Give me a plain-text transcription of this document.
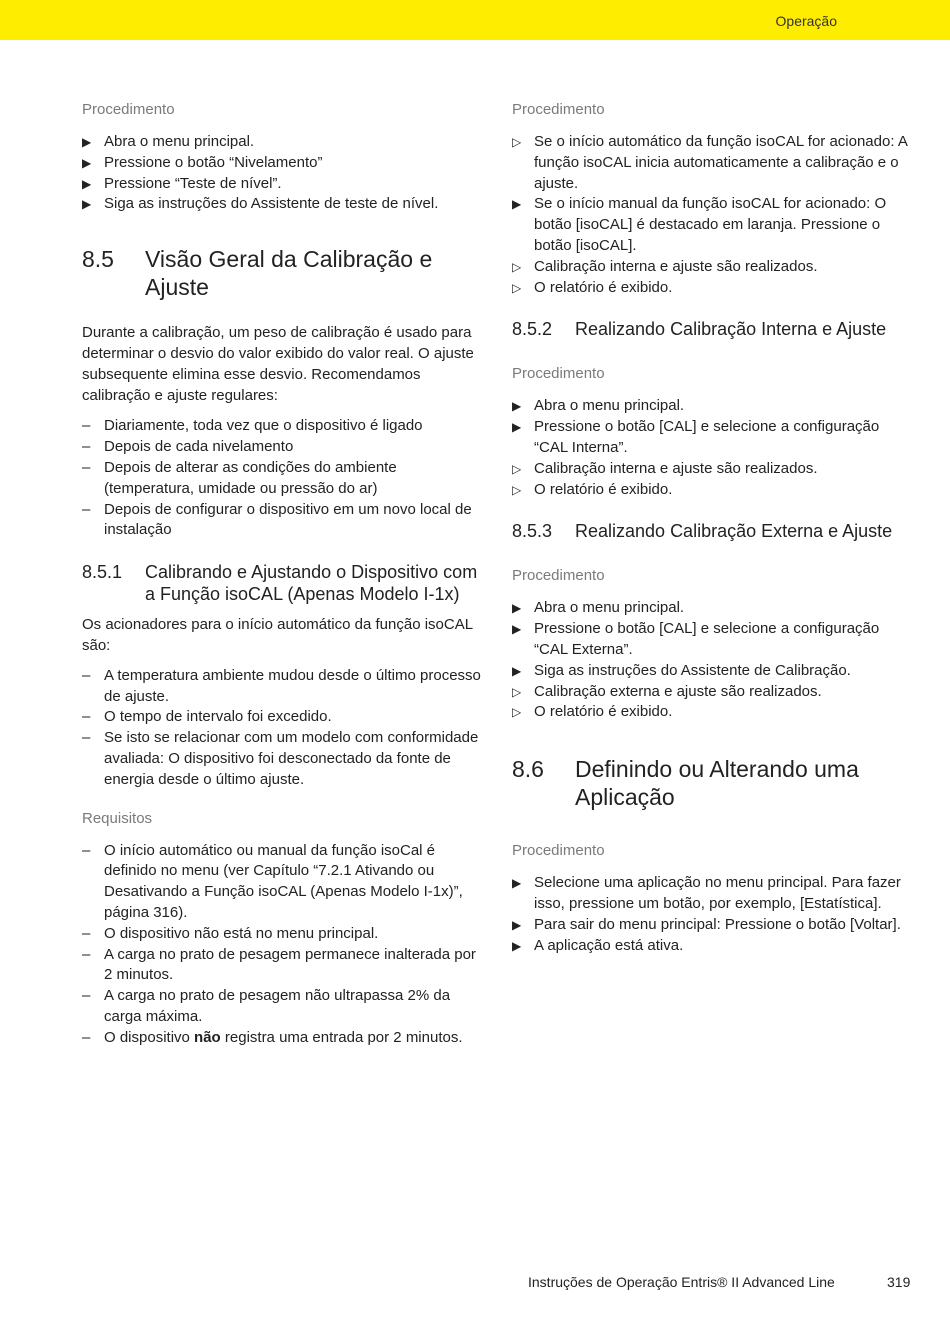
Operação
Procedimento
▶ Abra o menu principal.
▶ Pressione o botão “Nivelamento”
▶ Pressione “Teste de nível”.
▶ Siga as instruções do Assistente de teste de nível.
8.5	Visão Geral da Calibração e Ajuste

Durante a calibração, um peso de calibração é usado para determinar o desvio do valor exibido do valor real. O ajuste subsequente elimina esse desvio. Recomendamos calibração e ajuste regulares:

– Diariamente, toda vez que o dispositivo é ligado
– Depois de cada nivelamento
– Depois de alterar as condições do ambiente (temperatura, umidade ou pressão do ar)
– Depois de configurar o dispositivo em um novo local de instalação
8.5.1	Calibrando e Ajustando o Dispositivo com a Função isoCAL (Apenas Modelo I-1x)

Os acionadores para o início automático da função isoCAL são:

– A temperatura ambiente mudou desde o último processo de ajuste.
– O tempo de intervalo foi excedido.
– Se isto se relacionar com um modelo com conformidade avaliada: O dispositivo foi desconectado da fonte de energia desde o último ajuste.
Requisitos
– O início automático ou manual da função isoCal é definido no menu (ver Capítulo “7.2.1 Ativando ou Desativando a Função isoCAL (Apenas Modelo I-1x)”, página 316).
– O dispositivo não está no menu principal.
– A carga no prato de pesagem permanece inalterada por 2 minutos.
– A carga no prato de pesagem não ultrapassa 2% da carga máxima.
– O dispositivo não registra uma entrada por 2 minutos.
Procedimento
▷ Se o início automático da função isoCAL for acionado: A função isoCAL inicia automaticamente a calibração e o ajuste.
▶ Se o início manual da função isoCAL for acionado: O botão [isoCAL] é destacado em laranja. Pressione o botão [isoCAL].
▷ Calibração interna e ajuste são realizados.
▷ O relatório é exibido.
8.5.2	Realizando Calibração Interna e Ajuste
Procedimento
▶ Abra o menu principal.
▶ Pressione o botão [CAL] e selecione a configuração “CAL Interna”.
▷ Calibração interna e ajuste são realizados.
▷ O relatório é exibido.
8.5.3	Realizando Calibração Externa e Ajuste
Procedimento
▶ Abra o menu principal.
▶ Pressione o botão [CAL] e selecione a configuração “CAL Externa”.
▶ Siga as instruções do Assistente de Calibração.
▷ Calibração externa e ajuste são realizados.
▷ O relatório é exibido.
8.6	Definindo ou Alterando uma Aplicação
Procedimento
▶ Selecione uma aplicação no menu principal. Para fazer isso, pressione um botão, por exemplo, [Estatística].
▶ Para sair do menu principal: Pressione o botão [Voltar].
▶ A aplicação está ativa.
Instruções de Operação Entris® II Advanced Line	319
